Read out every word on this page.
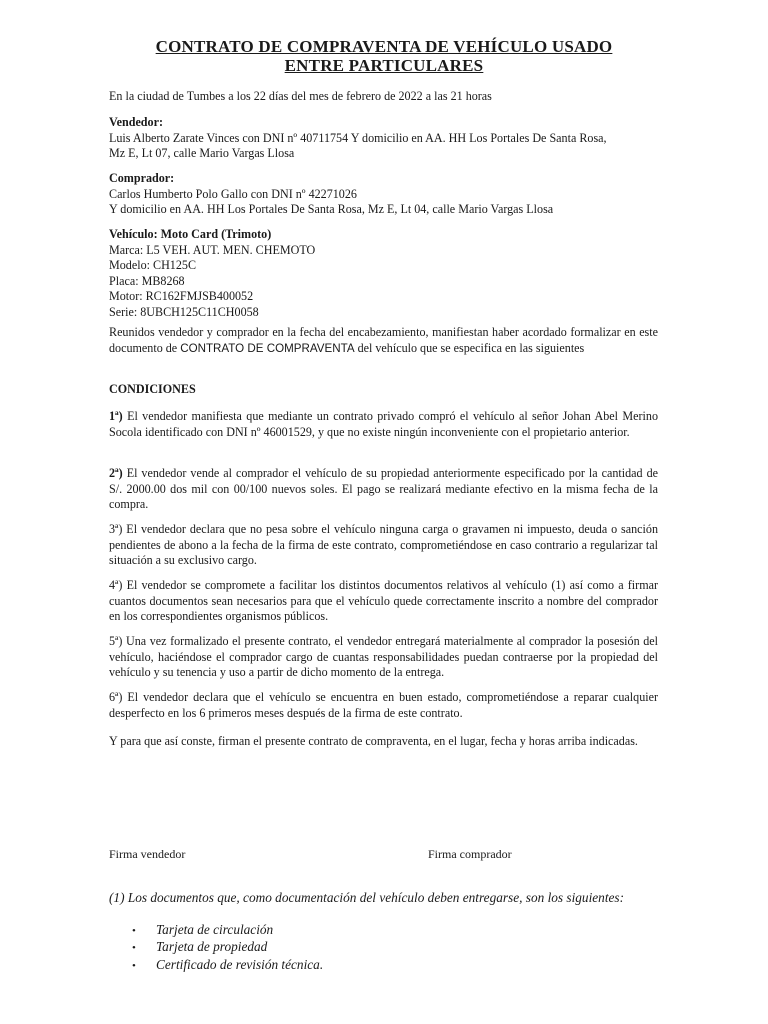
CONTRATO DE COMPRAVENTA DE VEHÍCULO USADO
ENTRE PARTICULARES
En la ciudad de Tumbes a los 22 días del mes de febrero de 2022 a las 21 horas
Vendedor:
Luis Alberto Zarate Vinces con DNI nº 40711754 Y domicilio en AA. HH Los Portales De Santa Rosa,
Mz E, Lt 07, calle Mario Vargas Llosa
Comprador:
Carlos Humberto Polo Gallo con DNI nº 42271026
Y domicilio en AA. HH Los Portales De Santa Rosa, Mz E, Lt 04, calle Mario Vargas Llosa
Vehículo: Moto Card (Trimoto)
Marca: L5 VEH. AUT. MEN. CHEMOTO
Modelo: CH125C
Placa: MB8268
Motor: RC162FMJSB400052
Serie: 8UBCH125C11CH0058
Reunidos vendedor y comprador en la fecha del encabezamiento, manifiestan haber acordado formalizar en este documento de CONTRATO DE COMPRAVENTA del vehículo que se especifica en las siguientes
CONDICIONES
1ª) El vendedor manifiesta que mediante un contrato privado compró el vehículo al señor Johan Abel Merino Socola identificado con DNI nº 46001529, y que no existe ningún inconveniente con el propietario anterior.
2ª) El vendedor vende al comprador el vehículo de su propiedad anteriormente especificado por la cantidad de S/. 2000.00 dos mil con 00/100 nuevos soles. El pago se realizará mediante efectivo en la misma fecha de la compra.
3ª) El vendedor declara que no pesa sobre el vehículo ninguna carga o gravamen ni impuesto, deuda o sanción pendientes de abono a la fecha de la firma de este contrato, comprometiéndose en caso contrario a regularizar tal situación a su exclusivo cargo.
4ª) El vendedor se compromete a facilitar los distintos documentos relativos al vehículo (1) así como a firmar cuantos documentos sean necesarios para que el vehículo quede correctamente inscrito a nombre del comprador en los correspondientes organismos públicos.
5ª) Una vez formalizado el presente contrato, el vendedor entregará materialmente al comprador la posesión del vehículo, haciéndose el comprador cargo de cuantas responsabilidades puedan contraerse por la propiedad del vehículo y su tenencia y uso a partir de dicho momento de la entrega.
6ª) El vendedor declara que el vehículo se encuentra en buen estado, comprometiéndose a reparar cualquier desperfecto en los 6 primeros meses después de la firma de este contrato.
Y para que así conste, firman el presente contrato de compraventa, en el lugar, fecha y horas arriba indicadas.
Firma vendedor	Firma comprador
(1) Los documentos que, como documentación del vehículo deben entregarse, son los siguientes:
• Tarjeta de circulación
• Tarjeta de propiedad
• Certificado de revisión técnica.
